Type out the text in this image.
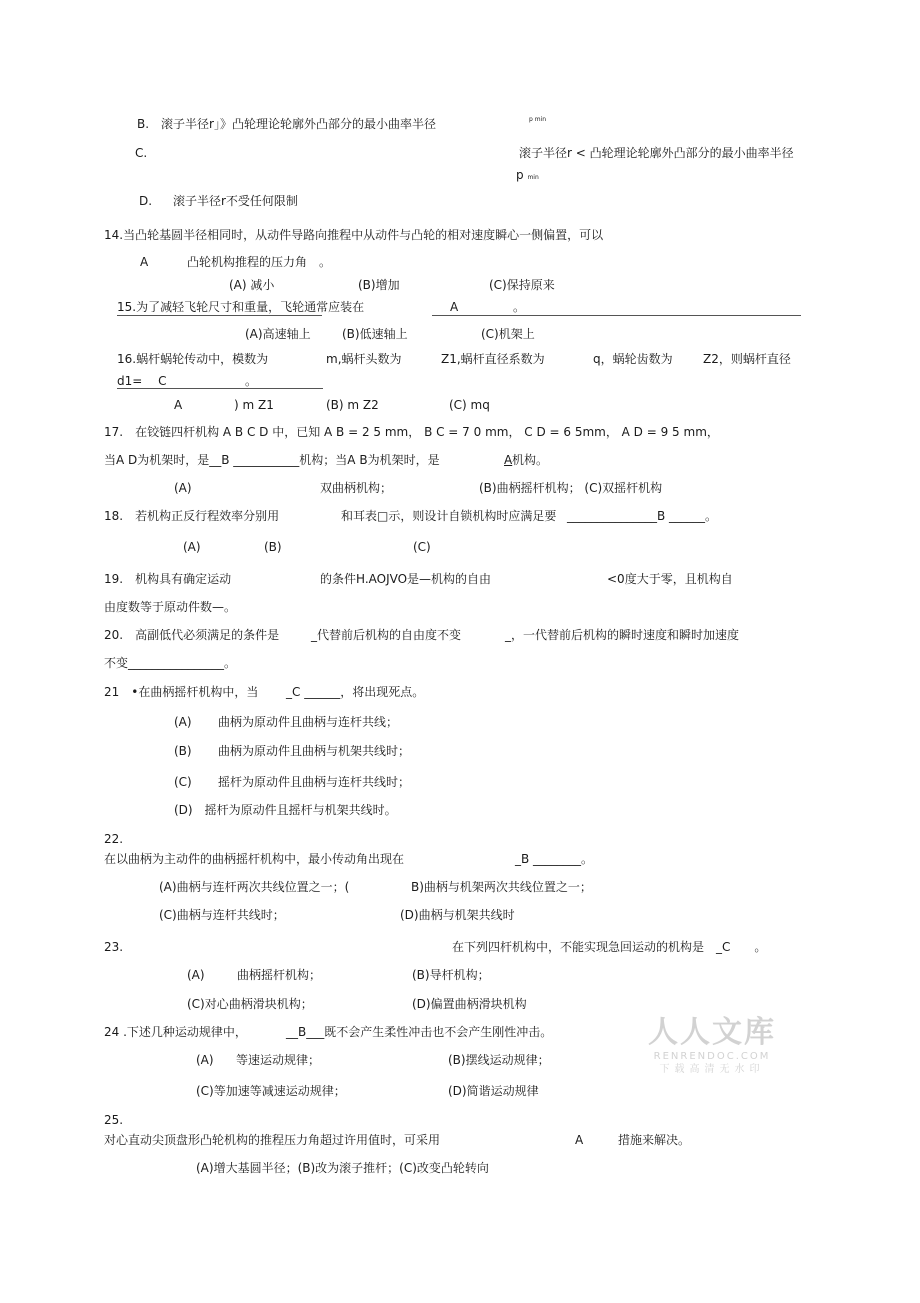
B.　滚子半径r」》凸轮理论轮廓外凸部分的最小曲率半径	p min
C.	滚子半径r < 凸轮理论轮廓外凸部分的最小曲率半径
p min
D. 滚子半径r不受任何限制
14.当凸轮基圆半径相同时，从动件导路向推程中从动件与凸轮的相对速度瞬心一侧偏置，可以
A	凸轮机构推程的压力角　。
(A) 减小	(B)增加	(C)保持原来
15.为了减轻飞轮尺寸和重量，飞轮通常应装在	A	。
(A)高速轴上	(B)低速轴上	(C)机架上
16.蜗杆蜗轮传动中，模数为	m,蜗杆头数为	Z1,蜗杆直径系数为	q，蜗轮齿数为	Z2，则蜗杆直径
d1=　 C	。
A	) m Z1	(B) m Z2	(C) mq
17.　在铰链四杆机构 A B C D 中，已知 A B = 2 5 mm， B C = 7 0 mm， C D = 6 5mm， A D = 9 5 mm，
当A D为机架时，是__B ___________机构；当A B为机架时，是	A 机构。
(A)	双曲柄机构；	(B)曲柄摇杆机构； (C)双摇杆机构
18.　若机构正反行程效率分别用	和耳表□示，则设计自锁机构时应满足要 _______________B ______。
(A)	(B)	(C)
19.　机构具有确定运动	的条件H.AOJVO是—机构的自由	<0度大于零，且机构自
由度数等于原动件数—。
20.　高副低代必须满足的条件是	_代替前后机构的自由度不变	_，一代替前后机构的瞬时速度和瞬时加速度
不变________________。
21　•在曲柄摇杆机构中，当 _C ______，将出现死点。
(A) 曲柄为原动件且曲柄与连杆共线；
(B) 曲柄为原动件且曲柄与机架共线时；
(C) 摇杆为原动件且曲柄与连杆共线时；
(D)　摇杆为原动件且摇杆与机架共线时。
22.
在以曲柄为主动件的曲柄摇杆机构中，最小传动角出现在	_B ________。
(A)曲柄与连杆两次共线位置之一；(	B)曲柄与机架两次共线位置之一；
(C)曲柄与连杆共线时；	(D)曲柄与机架共线时
23.	在下列四杆机构中，不能实现急回运动的机构是　_C　　。
(A)	曲柄摇杆机构；	(B)导杆机构；
(C)对心曲柄滑块机构；	(D)偏置曲柄滑块机构
24 .下述几种运动规律中，	__B___既不会产生柔性冲击也不会产生刚性冲击。
(A) 等速运动规律；	(B)摆线运动规律；
(C)等加速等减速运动规律；	(D)简谐运动规律
25.
对心直动尖顶盘形凸轮机构的推程压力角超过许用值时，可采用	A	措施来解决。
(A)增大基圆半径；(B)改为滚子推杆；(C)改变凸轮转向
人人文库
RENRENDOC.COM
下载高清无水印
